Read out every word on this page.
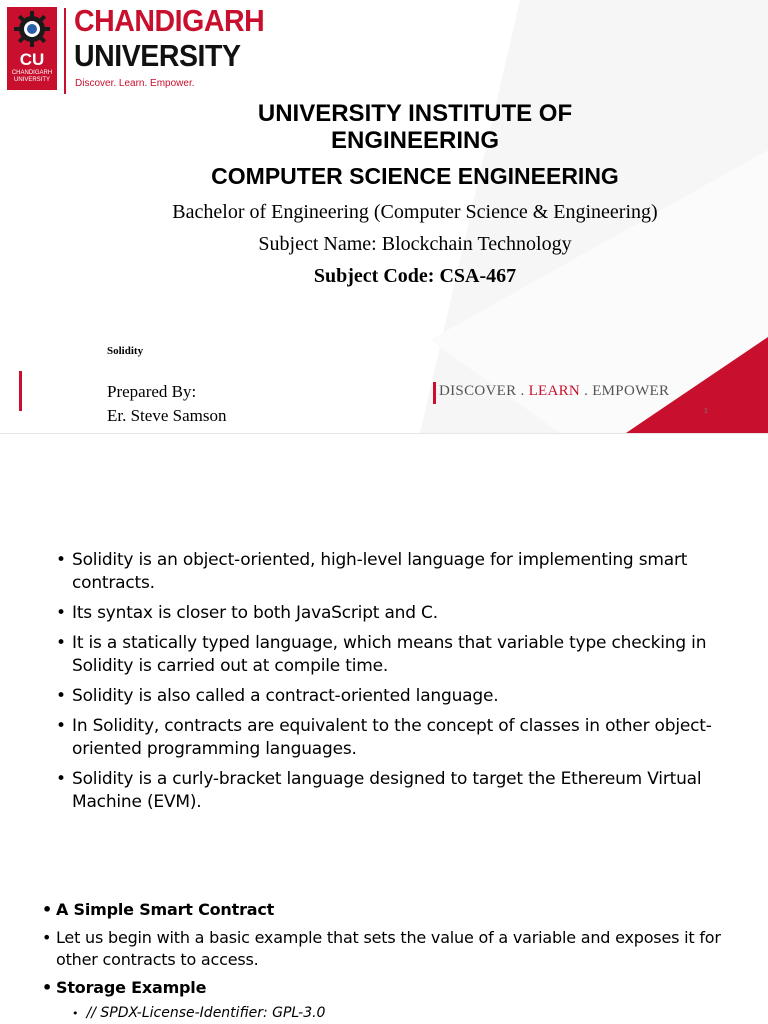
CU
CHANDIGARH UNIVERSITY
CHANDIGARH
UNIVERSITY
Discover. Learn. Empower.
UNIVERSITY INSTITUTE OF ENGINEERING
COMPUTER SCIENCE ENGINEERING
Bachelor of Engineering (Computer Science & Engineering)
Subject Name: Blockchain Technology
Subject Code: CSA-467
Solidity
Prepared By:
Er. Steve Samson
DISCOVER . LEARN . EMPOWER
1
• Solidity is an object-oriented, high-level language for implementing smart contracts.
• Its syntax is closer to both JavaScript and C.
• It is a statically typed language, which means that variable type checking in Solidity is carried out at compile time.
• Solidity is also called a contract-oriented language.
• In Solidity, contracts are equivalent to the concept of classes in other object-oriented programming languages.
• Solidity is a curly-bracket language designed to target the Ethereum Virtual Machine (EVM).
• A Simple Smart Contract
• Let us begin with a basic example that sets the value of a variable and exposes it for other contracts to access.
• Storage Example
• // SPDX-License-Identifier: GPL-3.0
